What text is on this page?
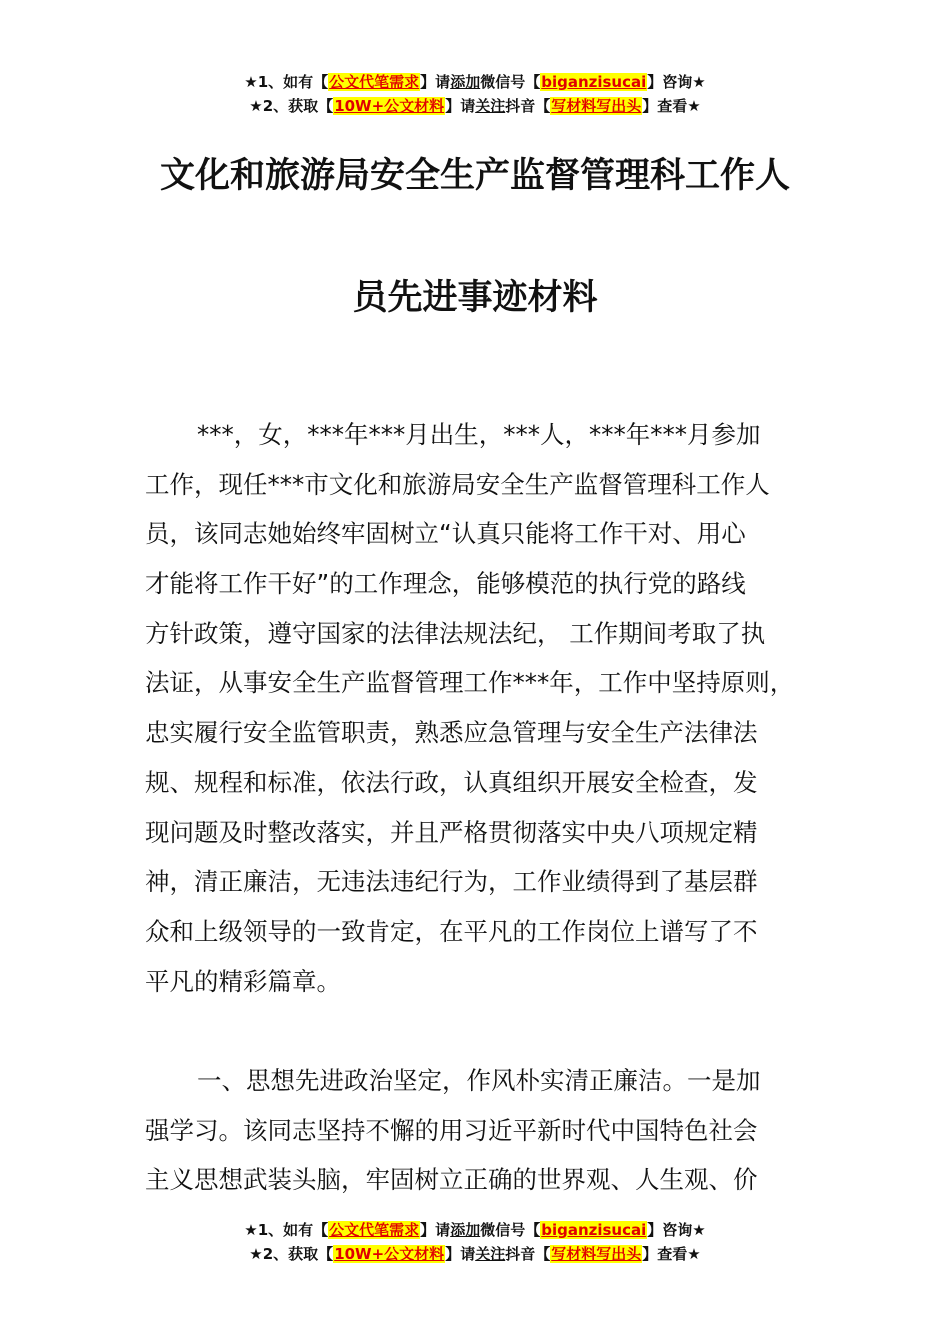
★1、如有【公文代笔需求】请添加微信号【biganzisucai】咨询★
★2、获取【10W+公文材料】请关注抖音【写材料写出头】查看★
文化和旅游局安全生产监督管理科工作人
员先进事迹材料
***，女，***年***月出生，***人，***年***月参加
工作，现任***市文化和旅游局安全生产监督管理科工作人
员，该同志她始终牢固树立“认真只能将工作干对、用心
才能将工作干好”的工作理念，能够模范的执行党的路线
方针政策，遵守国家的法律法规法纪， 工作期间考取了执
法证，从事安全生产监督管理工作***年，工作中坚持原则，
忠实履行安全监管职责，熟悉应急管理与安全生产法律法
规、规程和标准，依法行政，认真组织开展安全检查，发
现问题及时整改落实，并且严格贯彻落实中央八项规定精
神，清正廉洁，无违法违纪行为，工作业绩得到了基层群
众和上级领导的一致肯定，在平凡的工作岗位上谱写了不
平凡的精彩篇章。
一、思想先进政治坚定，作风朴实清正廉洁。一是加
强学习。该同志坚持不懈的用习近平新时代中国特色社会
主义思想武装头脑，牢固树立正确的世界观、人生观、价
★1、如有【公文代笔需求】请添加微信号【biganzisucai】咨询★
★2、获取【10W+公文材料】请关注抖音【写材料写出头】查看★
